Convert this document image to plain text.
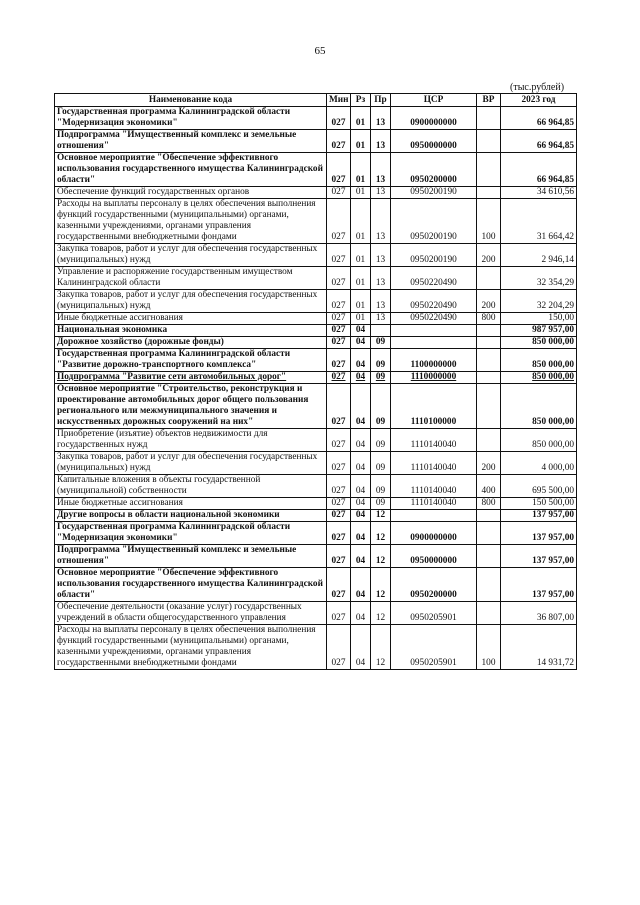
65
(тыс.рублей)
Наименование кода	Мин	Рз	Пр	ЦСР	ВР	2023 год
Государственная программа Калининградской области "Модернизация экономики"	027	01	13	0900000000		66 964,85
Подпрограмма "Имущественный комплекс и земельные отношения"	027	01	13	0950000000		66 964,85
Основное мероприятие "Обеспечение эффективного использования государственного имущества Калининградской области"	027	01	13	0950200000		66 964,85
Обеспечение функций государственных органов	027	01	13	0950200190		34 610,56
Расходы на выплаты персоналу в целях обеспечения выполнения функций государственными (муниципальными) органами, казенными учреждениями, органами управления государственными внебюджетными фондами	027	01	13	0950200190	100	31 664,42
Закупка товаров, работ и услуг для обеспечения государственных (муниципальных) нужд	027	01	13	0950200190	200	2 946,14
Управление и распоряжение государственным имуществом Калининградской области	027	01	13	0950220490		32 354,29
Закупка товаров, работ и услуг для обеспечения государственных (муниципальных) нужд	027	01	13	0950220490	200	32 204,29
Иные бюджетные ассигнования	027	01	13	0950220490	800	150,00
Национальная экономика	027	04				987 957,00
Дорожное хозяйство (дорожные фонды)	027	04	09			850 000,00
Государственная программа Калининградской области "Развитие дорожно-транспортного комплекса"	027	04	09	1100000000		850 000,00
Подпрограмма "Развитие сети автомобильных дорог"	027	04	09	1110000000		850 000,00
Основное мероприятие "Строительство, реконструкция и проектирование автомобильных дорог общего пользования регионального или межмуниципального значения и искусственных дорожных сооружений на них"	027	04	09	1110100000		850 000,00
Приобретение (изъятие) объектов недвижимости для государственных нужд	027	04	09	1110140040		850 000,00
Закупка товаров, работ и услуг для обеспечения государственных (муниципальных) нужд	027	04	09	1110140040	200	4 000,00
Капитальные вложения в объекты государственной (муниципальной) собственности	027	04	09	1110140040	400	695 500,00
Иные бюджетные ассигнования	027	04	09	1110140040	800	150 500,00
Другие вопросы в области национальной экономики	027	04	12			137 957,00
Государственная программа Калининградской области "Модернизация экономики"	027	04	12	0900000000		137 957,00
Подпрограмма "Имущественный комплекс и земельные отношения"	027	04	12	0950000000		137 957,00
Основное мероприятие "Обеспечение эффективного использования государственного имущества Калининградской области"	027	04	12	0950200000		137 957,00
Обеспечение деятельности (оказание услуг) государственных учреждений в области общегосударственного управления	027	04	12	0950205901		36 807,00
Расходы на выплаты персоналу в целях обеспечения выполнения функций государственными (муниципальными) органами, казенными учреждениями, органами управления государственными внебюджетными фондами	027	04	12	0950205901	100	14 931,72
